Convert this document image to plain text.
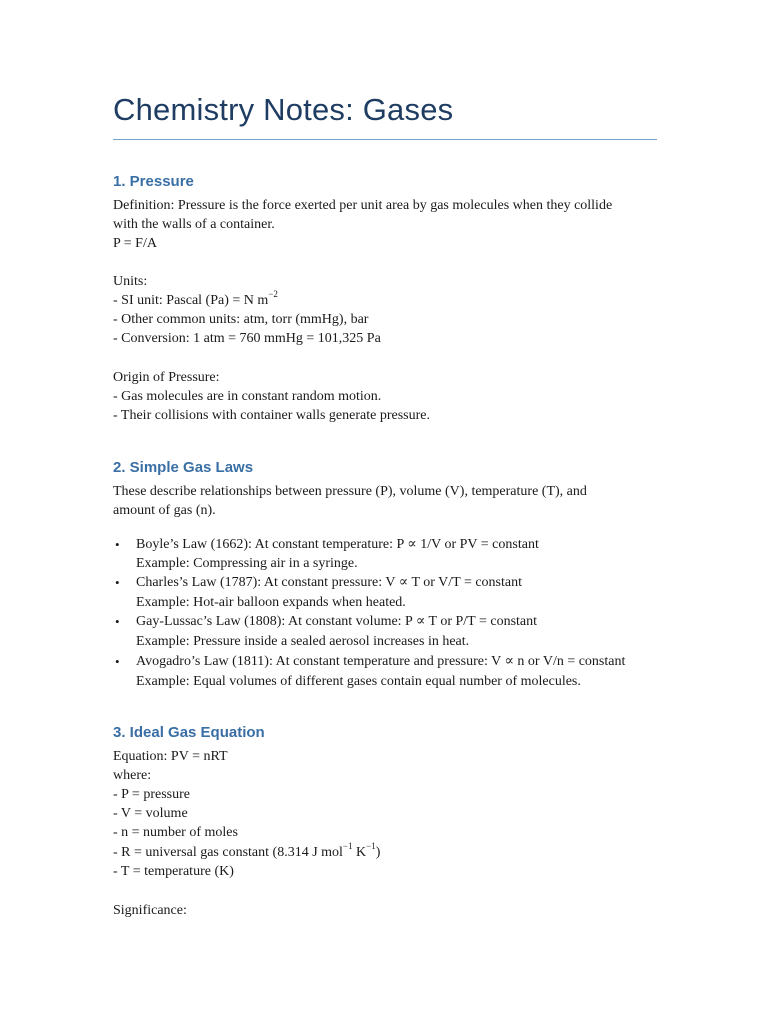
Chemistry Notes: Gases
1. Pressure
Definition: Pressure is the force exerted per unit area by gas molecules when they collide
with the walls of a container.
P = F/A
Units:
- SI unit: Pascal (Pa) = N $m^{-2}$
- Other common units: atm, torr (mmHg), bar
- Conversion: 1 atm = 760 mmHg = 101,325 Pa
Origin of Pressure:
- Gas molecules are in constant random motion.
- Their collisions with container walls generate pressure.
2. Simple Gas Laws
These describe relationships between pressure (P), volume (V), temperature (T), and
amount of gas (n).
• Boyle’s Law (1662): At constant temperature: P ∝ 1/V or PV = constant
Example: Compressing air in a syringe.
• Charles’s Law (1787): At constant pressure: V ∝ T or V/T = constant
Example: Hot-air balloon expands when heated.
• Gay-Lussac’s Law (1808): At constant volume: P ∝ T or P/T = constant
Example: Pressure inside a sealed aerosol increases in heat.
• Avogadro’s Law (1811): At constant temperature and pressure: V ∝ n or V/n = constant
Example: Equal volumes of different gases contain equal number of molecules.
3. Ideal Gas Equation
Equation: PV = nRT
where:
- P = pressure
- V = volume
- n = number of moles
- R = universal gas constant (8.314 J mol$^{-1}$ $K^{-1}$)
- T = temperature (K)
Significance:
